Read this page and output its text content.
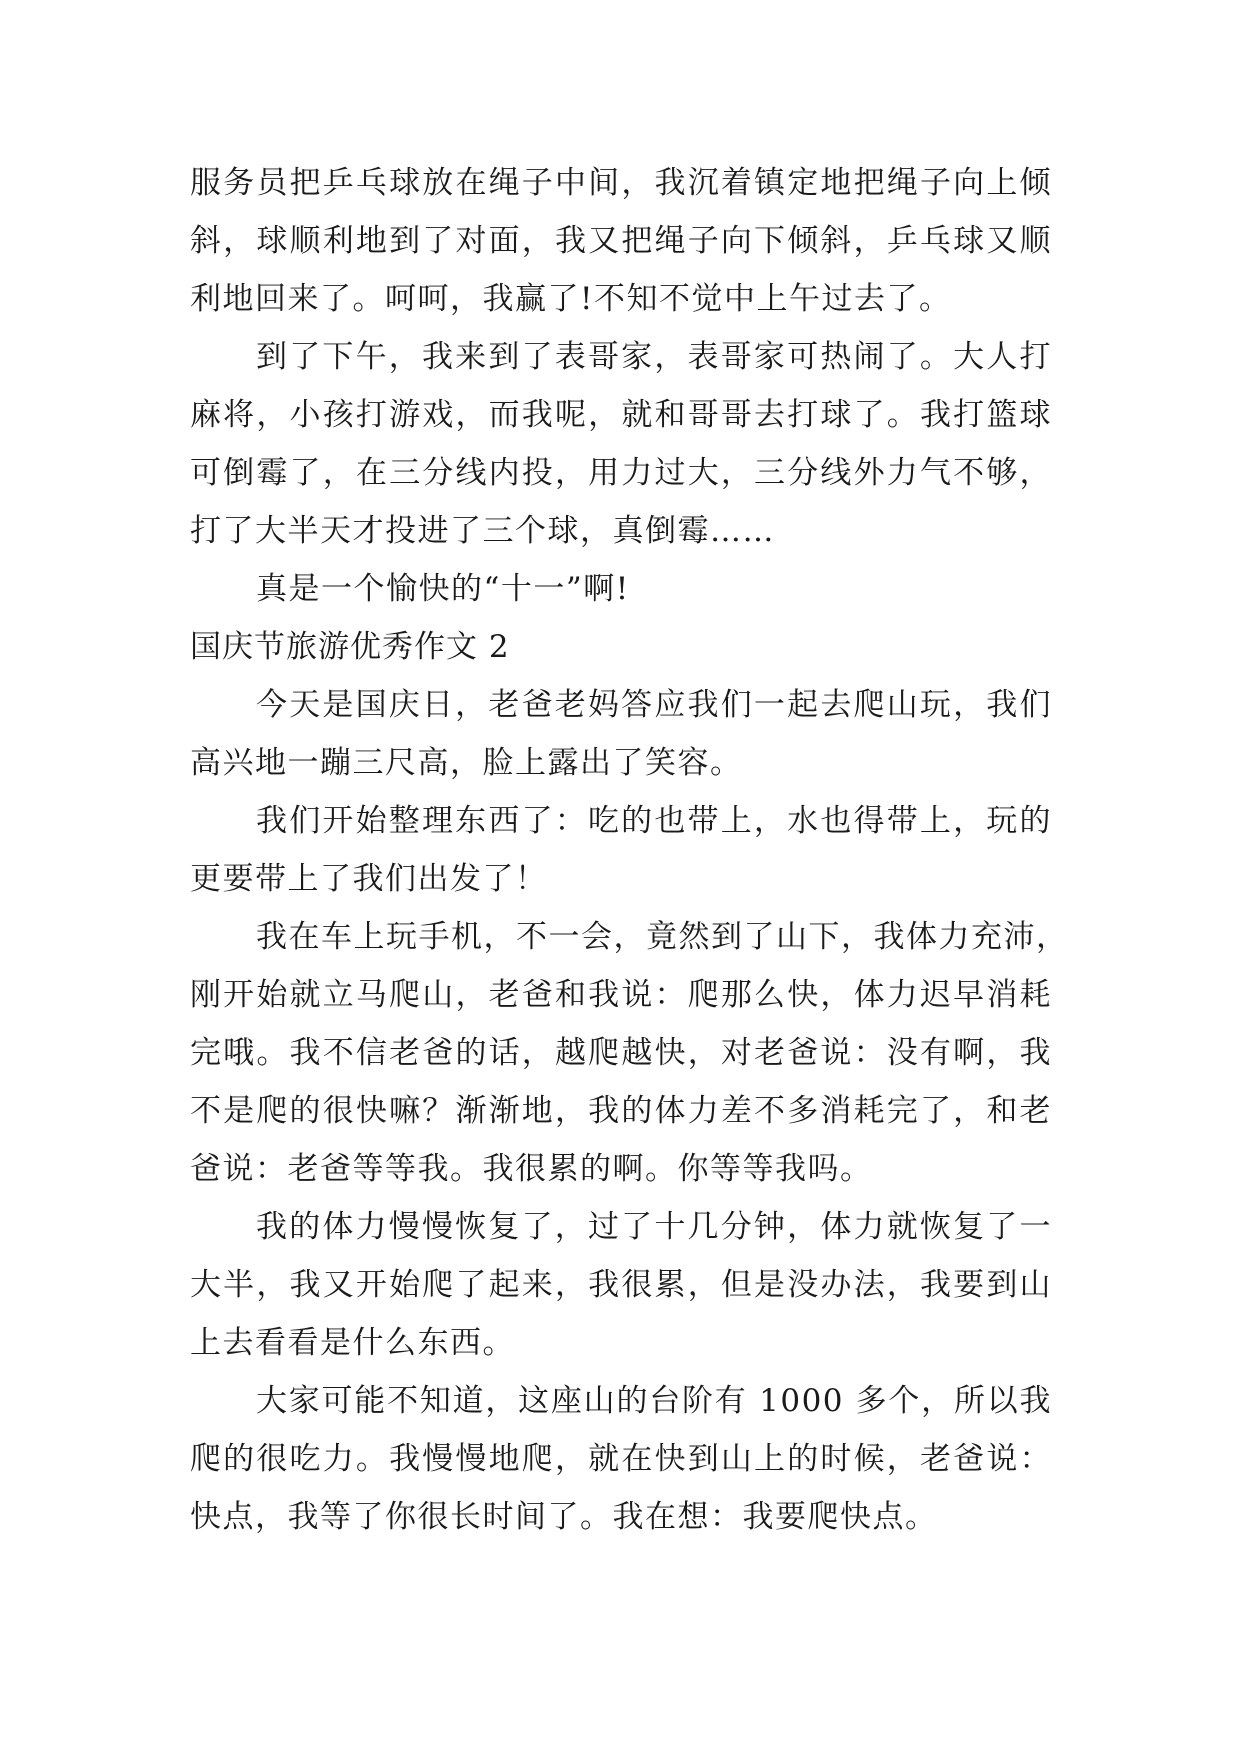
服务员把乒乓球放在绳子中间，我沉着镇定地把绳子向上倾
斜，球顺利地到了对面，我又把绳子向下倾斜，乒乓球又顺
利地回来了。呵呵，我赢了!不知不觉中上午过去了。
到了下午，我来到了表哥家，表哥家可热闹了。大人打
麻将，小孩打游戏，而我呢，就和哥哥去打球了。我打篮球
可倒霉了，在三分线内投，用力过大，三分线外力气不够，
打了大半天才投进了三个球，真倒霉……
真是一个愉快的“十一”啊!
国庆节旅游优秀作文 2
今天是国庆日，老爸老妈答应我们一起去爬山玩，我们
高兴地一蹦三尺高，脸上露出了笑容。
我们开始整理东西了：吃的也带上，水也得带上，玩的
更要带上了我们出发了！
我在车上玩手机，不一会，竟然到了山下，我体力充沛，
刚开始就立马爬山，老爸和我说：爬那么快，体力迟早消耗
完哦。我不信老爸的话，越爬越快，对老爸说：没有啊，我
不是爬的很快嘛？渐渐地，我的体力差不多消耗完了，和老
爸说：老爸等等我。我很累的啊。你等等我吗。
我的体力慢慢恢复了，过了十几分钟，体力就恢复了一
大半，我又开始爬了起来，我很累，但是没办法，我要到山
上去看看是什么东西。
大家可能不知道，这座山的台阶有 1000 多个，所以我
爬的很吃力。我慢慢地爬，就在快到山上的时候，老爸说：
快点，我等了你很长时间了。我在想：我要爬快点。
